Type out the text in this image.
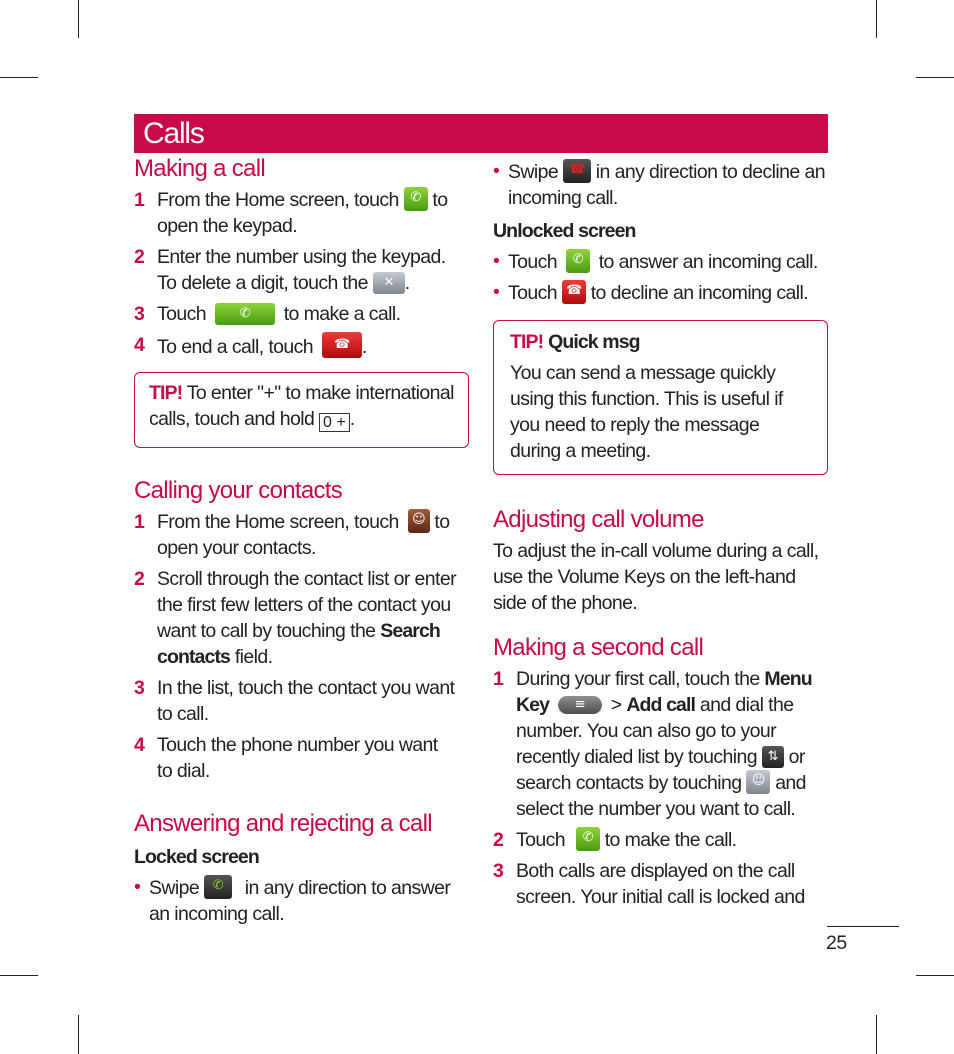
Calls
Making a call
1 From the Home screen, touch ✆ to open the keypad.
2 Enter the number using the keypad. To delete a digit, touch the	✕ .
3 Touch	✆	to make a call.
4 To end a call, touch	☎ .
TIP! To enter "+" to make international calls, touch and hold 0 + .
Calling your contacts
1 From the Home screen, touch	☺ to open your contacts.
2 Scroll through the contact list or enter the first few letters of the contact you want to call by touching the Search contacts field.
3 In the list, touch the contact you want to call.
4 Touch the phone number you want to dial.
Answering and rejecting a call
Locked screen
• Swipe	✆	in any direction to answer an incoming call.
• Swipe ☎ in any direction to decline an incoming call.
Unlocked screen
• Touch	✆ to answer an incoming call.
• Touch ☎ to decline an incoming call.
TIP! Quick msg
You can send a message quickly using this function. This is useful if you need to reply the message during a meeting.
Adjusting call volume
To adjust the in-call volume during a call, use the Volume Keys on the left-hand side of the phone.
Making a second call
1 During your first call, touch the Menu Key	≡	> Add call and dial the number. You can also go to your recently dialed list by touching ⇅ or search contacts by touching ☺ and select the number you want to call.
2 Touch	✆ to make the call.
3 Both calls are displayed on the call screen. Your initial call is locked and
25
